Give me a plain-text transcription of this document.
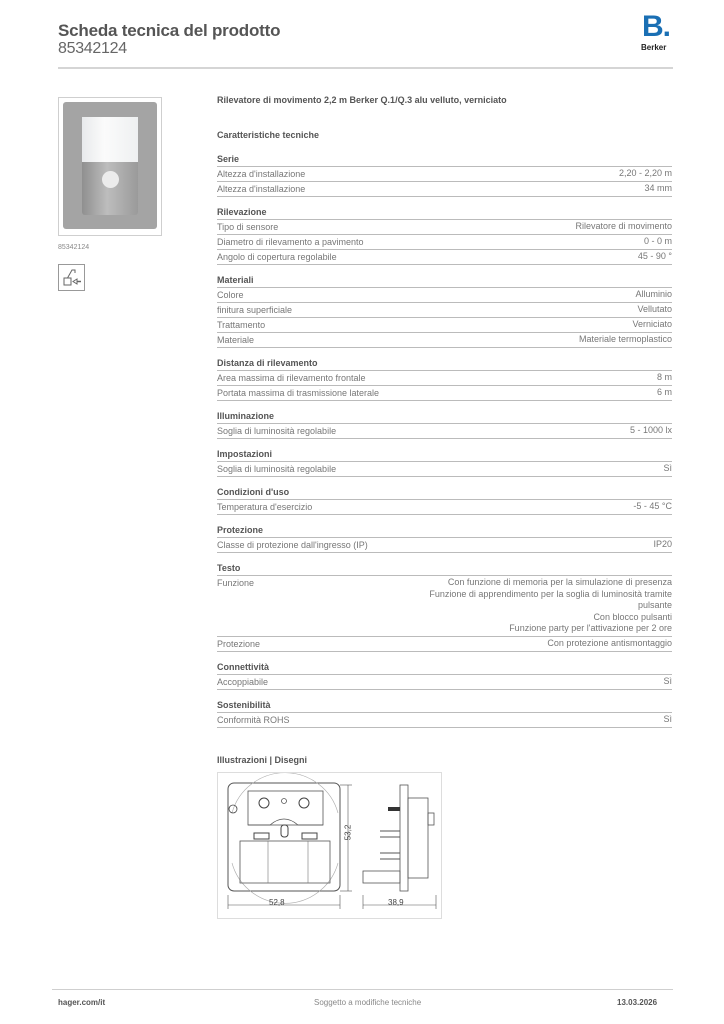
Scheda tecnica del prodotto
85342124
B.
Berker
85342124
Rilevatore di movimento 2,2 m Berker Q.1/Q.3 alu velluto, verniciato
Caratteristiche tecniche
Serie
Altezza d'installazione	2,20 - 2,20 m
Altezza d'installazione	34 mm
Rilevazione
Tipo di sensore	Rilevatore di movimento
Diametro di rilevamento a pavimento	0 - 0 m
Angolo di copertura regolabile	45 - 90 °
Materiali
Colore	Alluminio
finitura superficiale	Vellutato
Trattamento	Verniciato
Materiale	Materiale termoplastico
Distanza di rilevamento
Area massima di rilevamento frontale	8 m
Portata massima di trasmissione laterale	6 m
Illuminazione
Soglia di luminosità regolabile	5 - 1000 lx
Impostazioni
Soglia di luminosità regolabile	Sì
Condizioni d'uso
Temperatura d'esercizio	-5 - 45 °C
Protezione
Classe di protezione dall'ingresso (IP)	IP20
Testo
Funzione	Con funzione di memoria per la simulazione di presenza
Funzione di apprendimento per la soglia di luminosità tramite
pulsante
Con blocco pulsanti
Funzione party per l'attivazione per 2 ore
Protezione	Con protezione antismontaggio
Connettività
Accoppiabile	Sì
Sostenibilità
Conformità ROHS	Sì
Illustrazioni | Disegni
52,8
53,2
38,9
hager.com/it	Soggetto a modifiche tecniche	13.03.2026
